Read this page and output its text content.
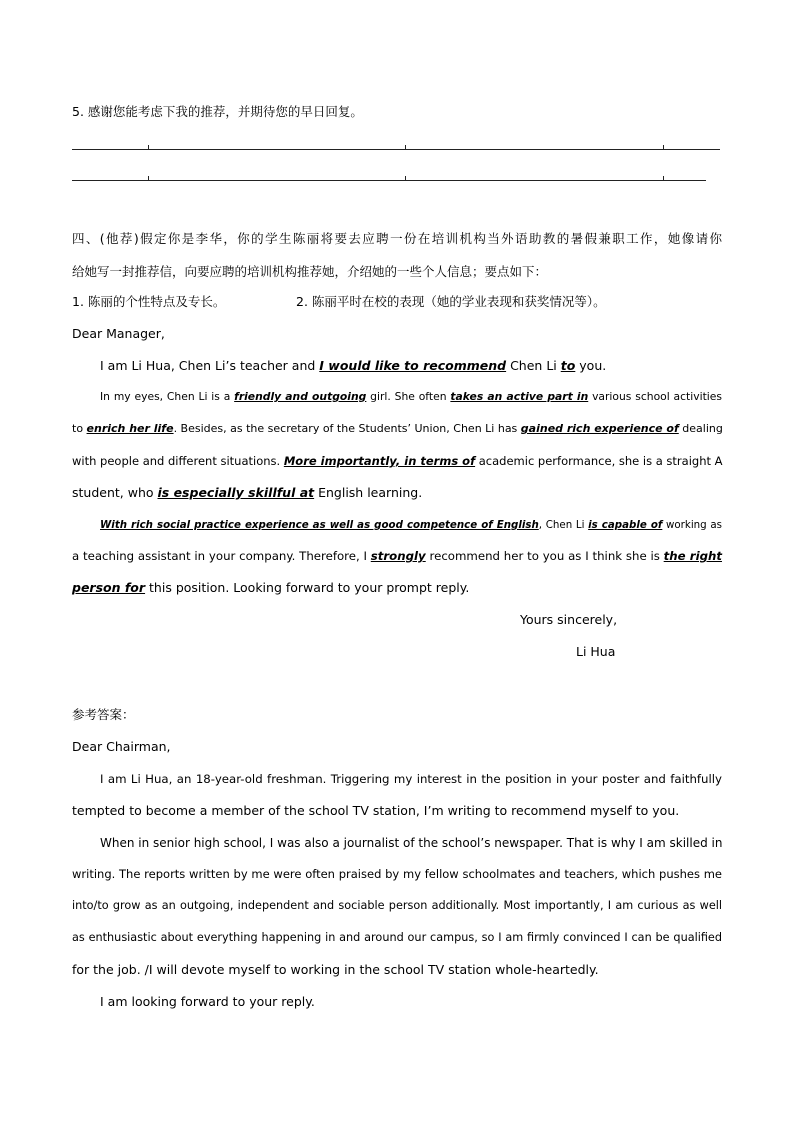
5. 感谢您能考虑下我的推荐，并期待您的早日回复。
四、(他荐)假定你是李华，你的学生陈丽将要去应聘一份在培训机构当外语助教的暑假兼职工作，她像请你
给她写一封推荐信，向要应聘的培训机构推荐她，介绍她的一些个人信息；要点如下：
1. 陈丽的个性特点及专长。	2. 陈丽平时在校的表现（她的学业表现和获奖情况等）。
Dear Manager,
I am Li Hua, Chen Li’s teacher and I would like to recommend Chen Li to you.
In my eyes, Chen Li is a friendly and outgoing girl. She often takes an active part in various school activities
to enrich her life. Besides, as the secretary of the Students’ Union, Chen Li has gained rich experience of dealing
with people and different situations. More importantly, in terms of academic performance, she is a straight A
student, who is especially skillful at English learning.
With rich social practice experience as well as good competence of English, Chen Li is capable of working as
a teaching assistant in your company. Therefore, I strongly recommend her to you as I think she is the right
person for this position. Looking forward to your prompt reply.
Yours sincerely,
Li Hua
参考答案：
Dear Chairman,
I am Li Hua, an 18-year-old freshman. Triggering my interest in the position in your poster and faithfully
tempted to become a member of the school TV station, I’m writing to recommend myself to you.
When in senior high school, I was also a journalist of the school’s newspaper. That is why I am skilled in
writing. The reports written by me were often praised by my fellow schoolmates and teachers, which pushes me
into/to grow as an outgoing, independent and sociable person additionally. Most importantly, I am curious as well
as enthusiastic about everything happening in and around our campus, so I am firmly convinced I can be qualified
for the job. /I will devote myself to working in the school TV station whole-heartedly.
I am looking forward to your reply.
